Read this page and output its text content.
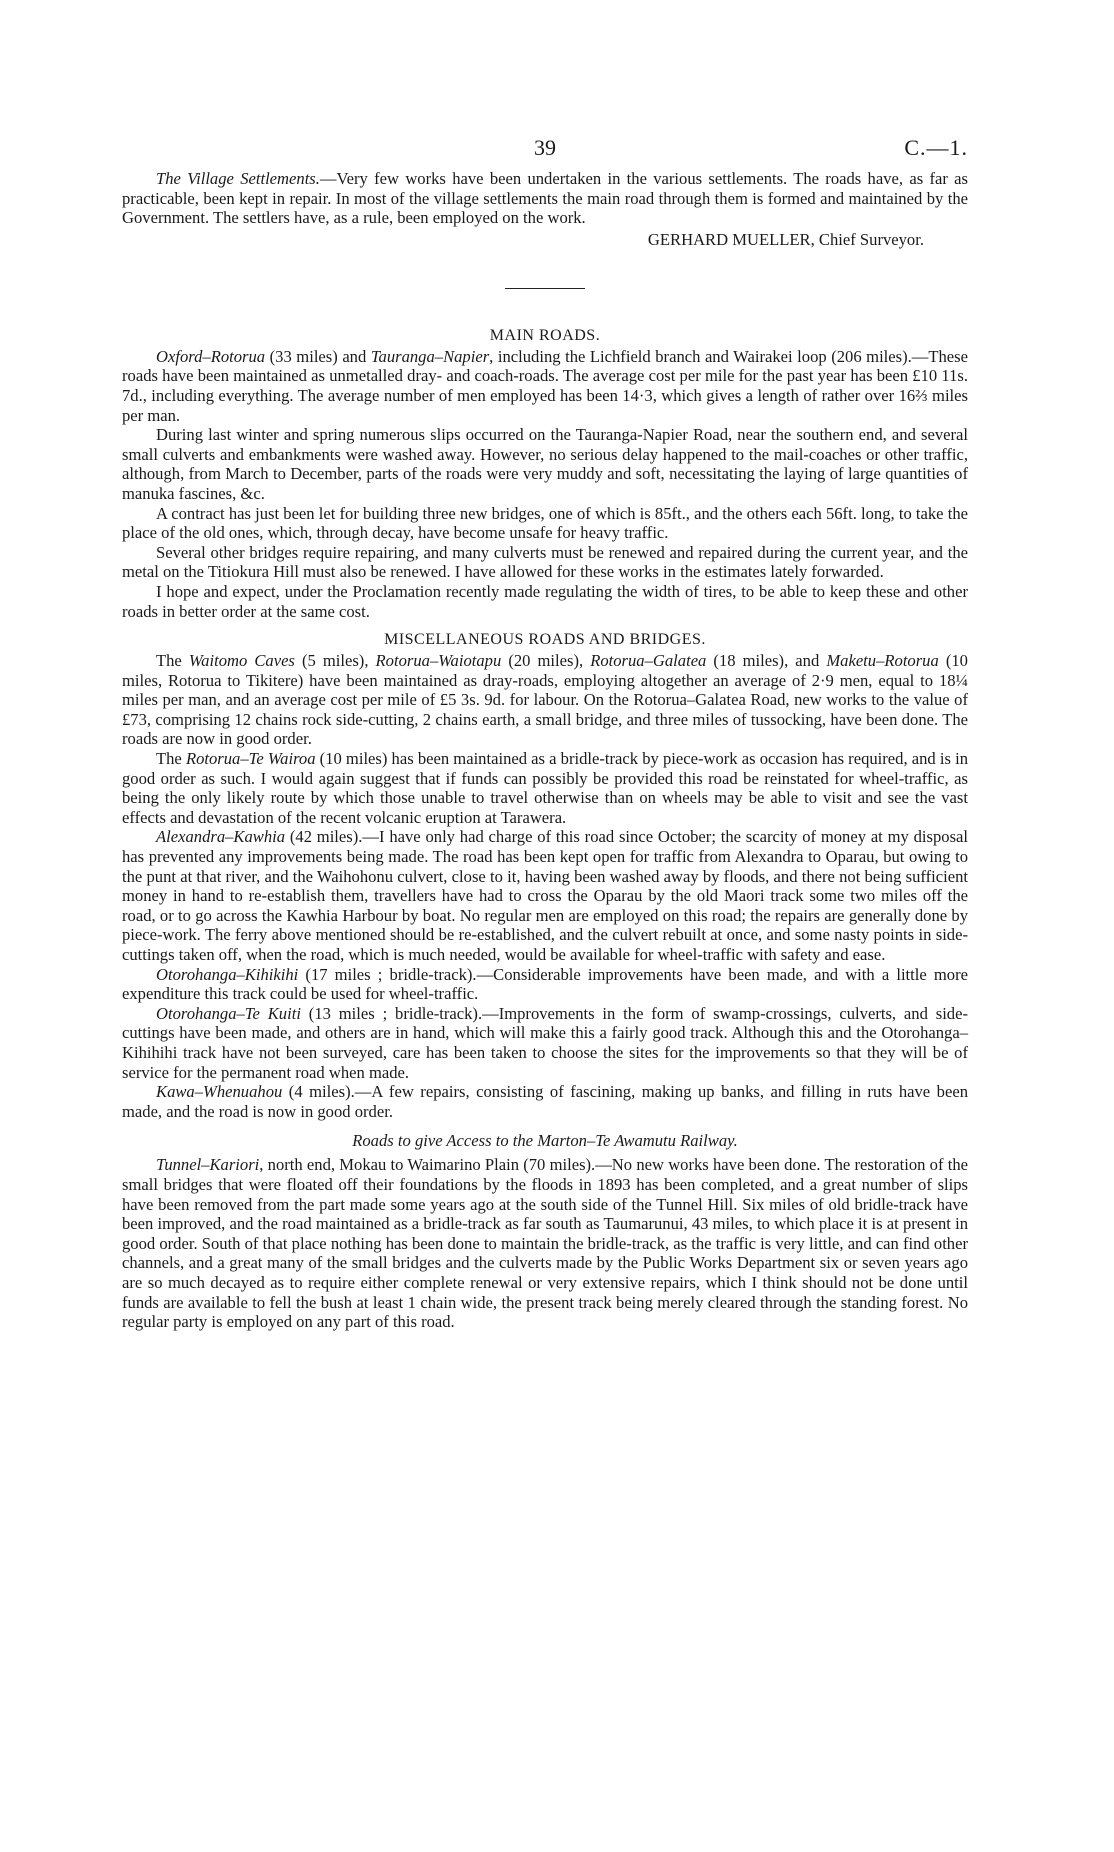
39	C.—1.

The Village Settlements.—Very few works have been undertaken in the various settlements. The roads have, as far as practicable, been kept in repair. In most of the village settlements the main road through them is formed and maintained by the Government. The settlers have, as a rule, been employed on the work.

GERHARD MUELLER, Chief Surveyor.

MAIN ROADS.

Oxford–Rotorua (33 miles) and Tauranga–Napier, including the Lichfield branch and Wairakei loop (206 miles).—These roads have been maintained as unmetalled dray- and coach-roads. The average cost per mile for the past year has been £10 11s. 7d., including everything. The average number of men employed has been 14·3, which gives a length of rather over 16⅔ miles per man.

During last winter and spring numerous slips occurred on the Tauranga-Napier Road, near the southern end, and several small culverts and embankments were washed away. However, no serious delay happened to the mail-coaches or other traffic, although, from March to December, parts of the roads were very muddy and soft, necessitating the laying of large quantities of manuka fascines, &c.

A contract has just been let for building three new bridges, one of which is 85ft., and the others each 56ft. long, to take the place of the old ones, which, through decay, have become unsafe for heavy traffic.

Several other bridges require repairing, and many culverts must be renewed and repaired during the current year, and the metal on the Titiokura Hill must also be renewed. I have allowed for these works in the estimates lately forwarded.

I hope and expect, under the Proclamation recently made regulating the width of tires, to be able to keep these and other roads in better order at the same cost.

MISCELLANEOUS ROADS AND BRIDGES.

The Waitomo Caves (5 miles), Rotorua–Waiotapu (20 miles), Rotorua–Galatea (18 miles), and Maketu–Rotorua (10 miles, Rotorua to Tikitere) have been maintained as dray-roads, employing altogether an average of 2·9 men, equal to 18¼ miles per man, and an average cost per mile of £5 3s. 9d. for labour. On the Rotorua–Galatea Road, new works to the value of £73, comprising 12 chains rock side-cutting, 2 chains earth, a small bridge, and three miles of tussocking, have been done. The roads are now in good order.

The Rotorua–Te Wairoa (10 miles) has been maintained as a bridle-track by piece-work as occasion has required, and is in good order as such. I would again suggest that if funds can possibly be provided this road be reinstated for wheel-traffic, as being the only likely route by which those unable to travel otherwise than on wheels may be able to visit and see the vast effects and devastation of the recent volcanic eruption at Tarawera.

Alexandra–Kawhia (42 miles).—I have only had charge of this road since October; the scarcity of money at my disposal has prevented any improvements being made. The road has been kept open for traffic from Alexandra to Oparau, but owing to the punt at that river, and the Waihohonu culvert, close to it, having been washed away by floods, and there not being sufficient money in hand to re-establish them, travellers have had to cross the Oparau by the old Maori track some two miles off the road, or to go across the Kawhia Harbour by boat. No regular men are employed on this road; the repairs are generally done by piece-work. The ferry above mentioned should be re-established, and the culvert rebuilt at once, and some nasty points in side-cuttings taken off, when the road, which is much needed, would be available for wheel-traffic with safety and ease.

Otorohanga–Kihikihi (17 miles ; bridle-track).—Considerable improvements have been made, and with a little more expenditure this track could be used for wheel-traffic.

Otorohanga–Te Kuiti (13 miles ; bridle-track).—Improvements in the form of swamp-crossings, culverts, and side-cuttings have been made, and others are in hand, which will make this a fairly good track. Although this and the Otorohanga–Kihihihi track have not been surveyed, care has been taken to choose the sites for the improvements so that they will be of service for the permanent road when made.

Kawa–Whenuahou (4 miles).—A few repairs, consisting of fascining, making up banks, and filling in ruts have been made, and the road is now in good order.

Roads to give Access to the Marton–Te Awamutu Railway.

Tunnel–Kariori, north end, Mokau to Waimarino Plain (70 miles).—No new works have been done. The restoration of the small bridges that were floated off their foundations by the floods in 1893 has been completed, and a great number of slips have been removed from the part made some years ago at the south side of the Tunnel Hill. Six miles of old bridle-track have been improved, and the road maintained as a bridle-track as far south as Taumarunui, 43 miles, to which place it is at present in good order. South of that place nothing has been done to maintain the bridle-track, as the traffic is very little, and can find other channels, and a great many of the small bridges and the culverts made by the Public Works Department six or seven years ago are so much decayed as to require either complete renewal or very extensive repairs, which I think should not be done until funds are available to fell the bush at least 1 chain wide, the present track being merely cleared through the standing forest. No regular party is employed on any part of this road.
